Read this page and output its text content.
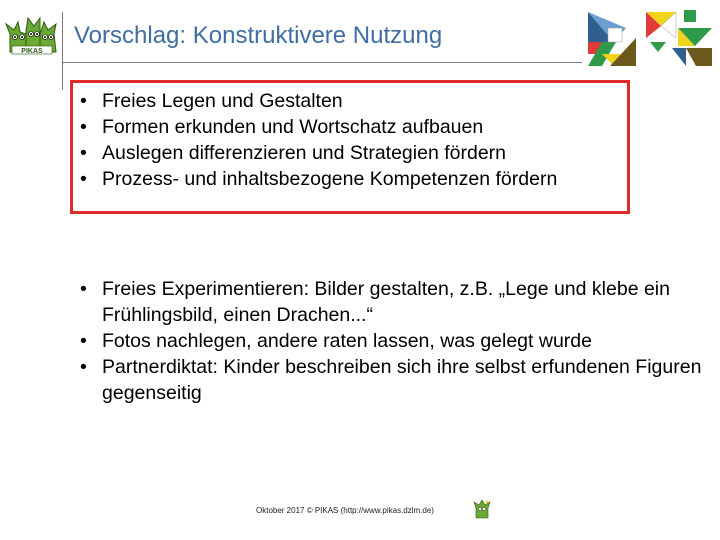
PIKAS
Vorschlag: Konstruktivere Nutzung
• Freies Legen und Gestalten
• Formen erkunden und Wortschatz aufbauen
• Auslegen differenzieren und Strategien fördern
• Prozess- und inhaltsbezogene Kompetenzen fördern
• Freies Experimentieren: Bilder gestalten, z.B. „Lege und klebe ein Frühlingsbild, einen Drachen...“
• Fotos nachlegen, andere raten lassen, was gelegt wurde
• Partnerdiktat: Kinder beschreiben sich ihre selbst erfundenen Figuren gegenseitig
Oktober 2017 © PIKAS (http://www.pikas.dzlm.de)
